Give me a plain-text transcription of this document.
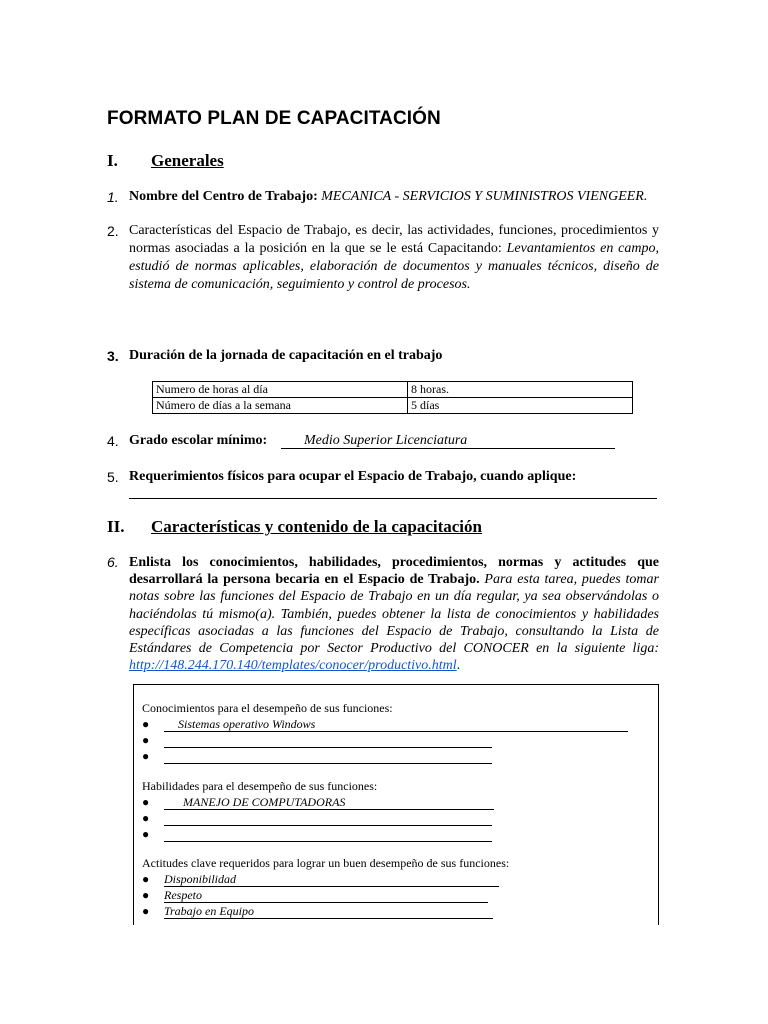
FORMATO PLAN DE CAPACITACIÓN
I. Generales
1. Nombre del Centro de Trabajo: MECANICA - SERVICIOS Y SUMINISTROS VIENGEER.
2. Características del Espacio de Trabajo, es decir, las actividades, funciones, procedimientos y normas asociadas a la posición en la que se le está Capacitando: Levantamientos en campo, estudió de normas aplicables, elaboración de documentos y manuales técnicos, diseño de sistema de comunicación, seguimiento y control de procesos.
3. Duración de la jornada de capacitación en el trabajo
Numero de horas al día	8 horas.
Número de días a la semana	5 días
4. Grado escolar mínimo:	Medio Superior Licenciatura
5. Requerimientos físicos para ocupar el Espacio de Trabajo, cuando aplique:
II. Características y contenido de la capacitación
6. Enlista los conocimientos, habilidades, procedimientos, normas y actitudes que desarrollará la persona becaria en el Espacio de Trabajo. Para esta tarea, puedes tomar notas sobre las funciones del Espacio de Trabajo en un día regular, ya sea observándolas o haciéndolas tú mismo(a). También, puedes obtener la lista de conocimientos y habilidades específicas asociadas a las funciones del Espacio de Trabajo, consultando la Lista de Estándares de Competencia por Sector Productivo del CONOCER en la siguiente liga: http://148.244.170.140/templates/conocer/productivo.html.
Conocimientos para el desempeño de sus funciones:
● Sistemas operativo Windows
●
●
Habilidades para el desempeño de sus funciones:
●	MANEJO DE COMPUTADORAS
●
●
Actitudes clave requeridos para lograr un buen desempeño de sus funciones:
● Disponibilidad
● Respeto
● Trabajo en Equipo
